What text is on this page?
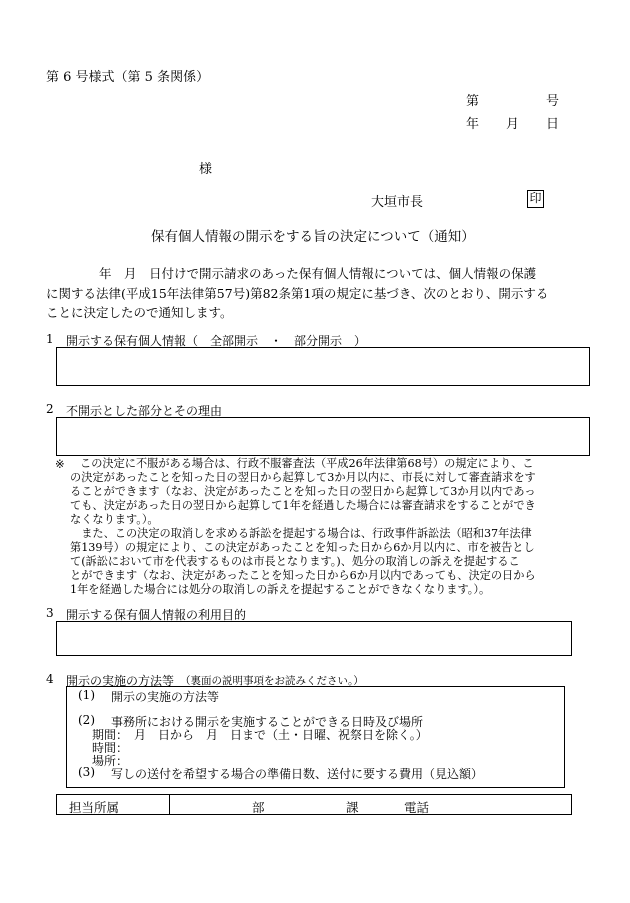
第 6 号様式（第 5 条関係）
第	号
年 月 日
様
大垣市長	印
保有個人情報の開示をする旨の決定について（通知）
年　月　日付けで開示請求のあった保有個人情報については、個人情報の保護
に関する法律(平成15年法律第57号)第82条第1項の規定に基づき、次のとおり、開示する
ことに決定したので通知します。
1 開示する保有個人情報（　全部開示　・　部分開示　）
2 不開示とした部分とその理由
※ この決定に不服がある場合は、行政不服審査法（平成26年法律第68号）の規定により、こ
の決定があったことを知った日の翌日から起算して3か月以内に、市長に対して審査請求をす
ることができます（なお、決定があったことを知った日の翌日から起算して3か月以内であっ
ても、決定があった日の翌日から起算して1年を経過した場合には審査請求をすることができ
なくなります。）。
　また、この決定の取消しを求める訴訟を提起する場合は、行政事件訴訟法（昭和37年法律
第139号）の規定により、この決定があったことを知った日から6か月以内に、市を被告とし
て(訴訟において市を代表するものは市長となります。)、処分の取消しの訴えを提起するこ
とができます（なお、決定があったことを知った日から6か月以内であっても、決定の日から
1年を経過した場合には処分の取消しの訴えを提起することができなくなります。）。
3 開示する保有個人情報の利用目的
4 開示の実施の方法等 （裏面の説明事項をお読みください。）
(1) 開示の実施の方法等
(2) 事務所における開示を実施することができる日時及び場所
期間：　月　日から　月　日まで（土・日曜、祝祭日を除く。）
時間：
場所：
(3) 写しの送付を希望する場合の準備日数、送付に要する費用（見込額）
担当所属	部	課	電話
